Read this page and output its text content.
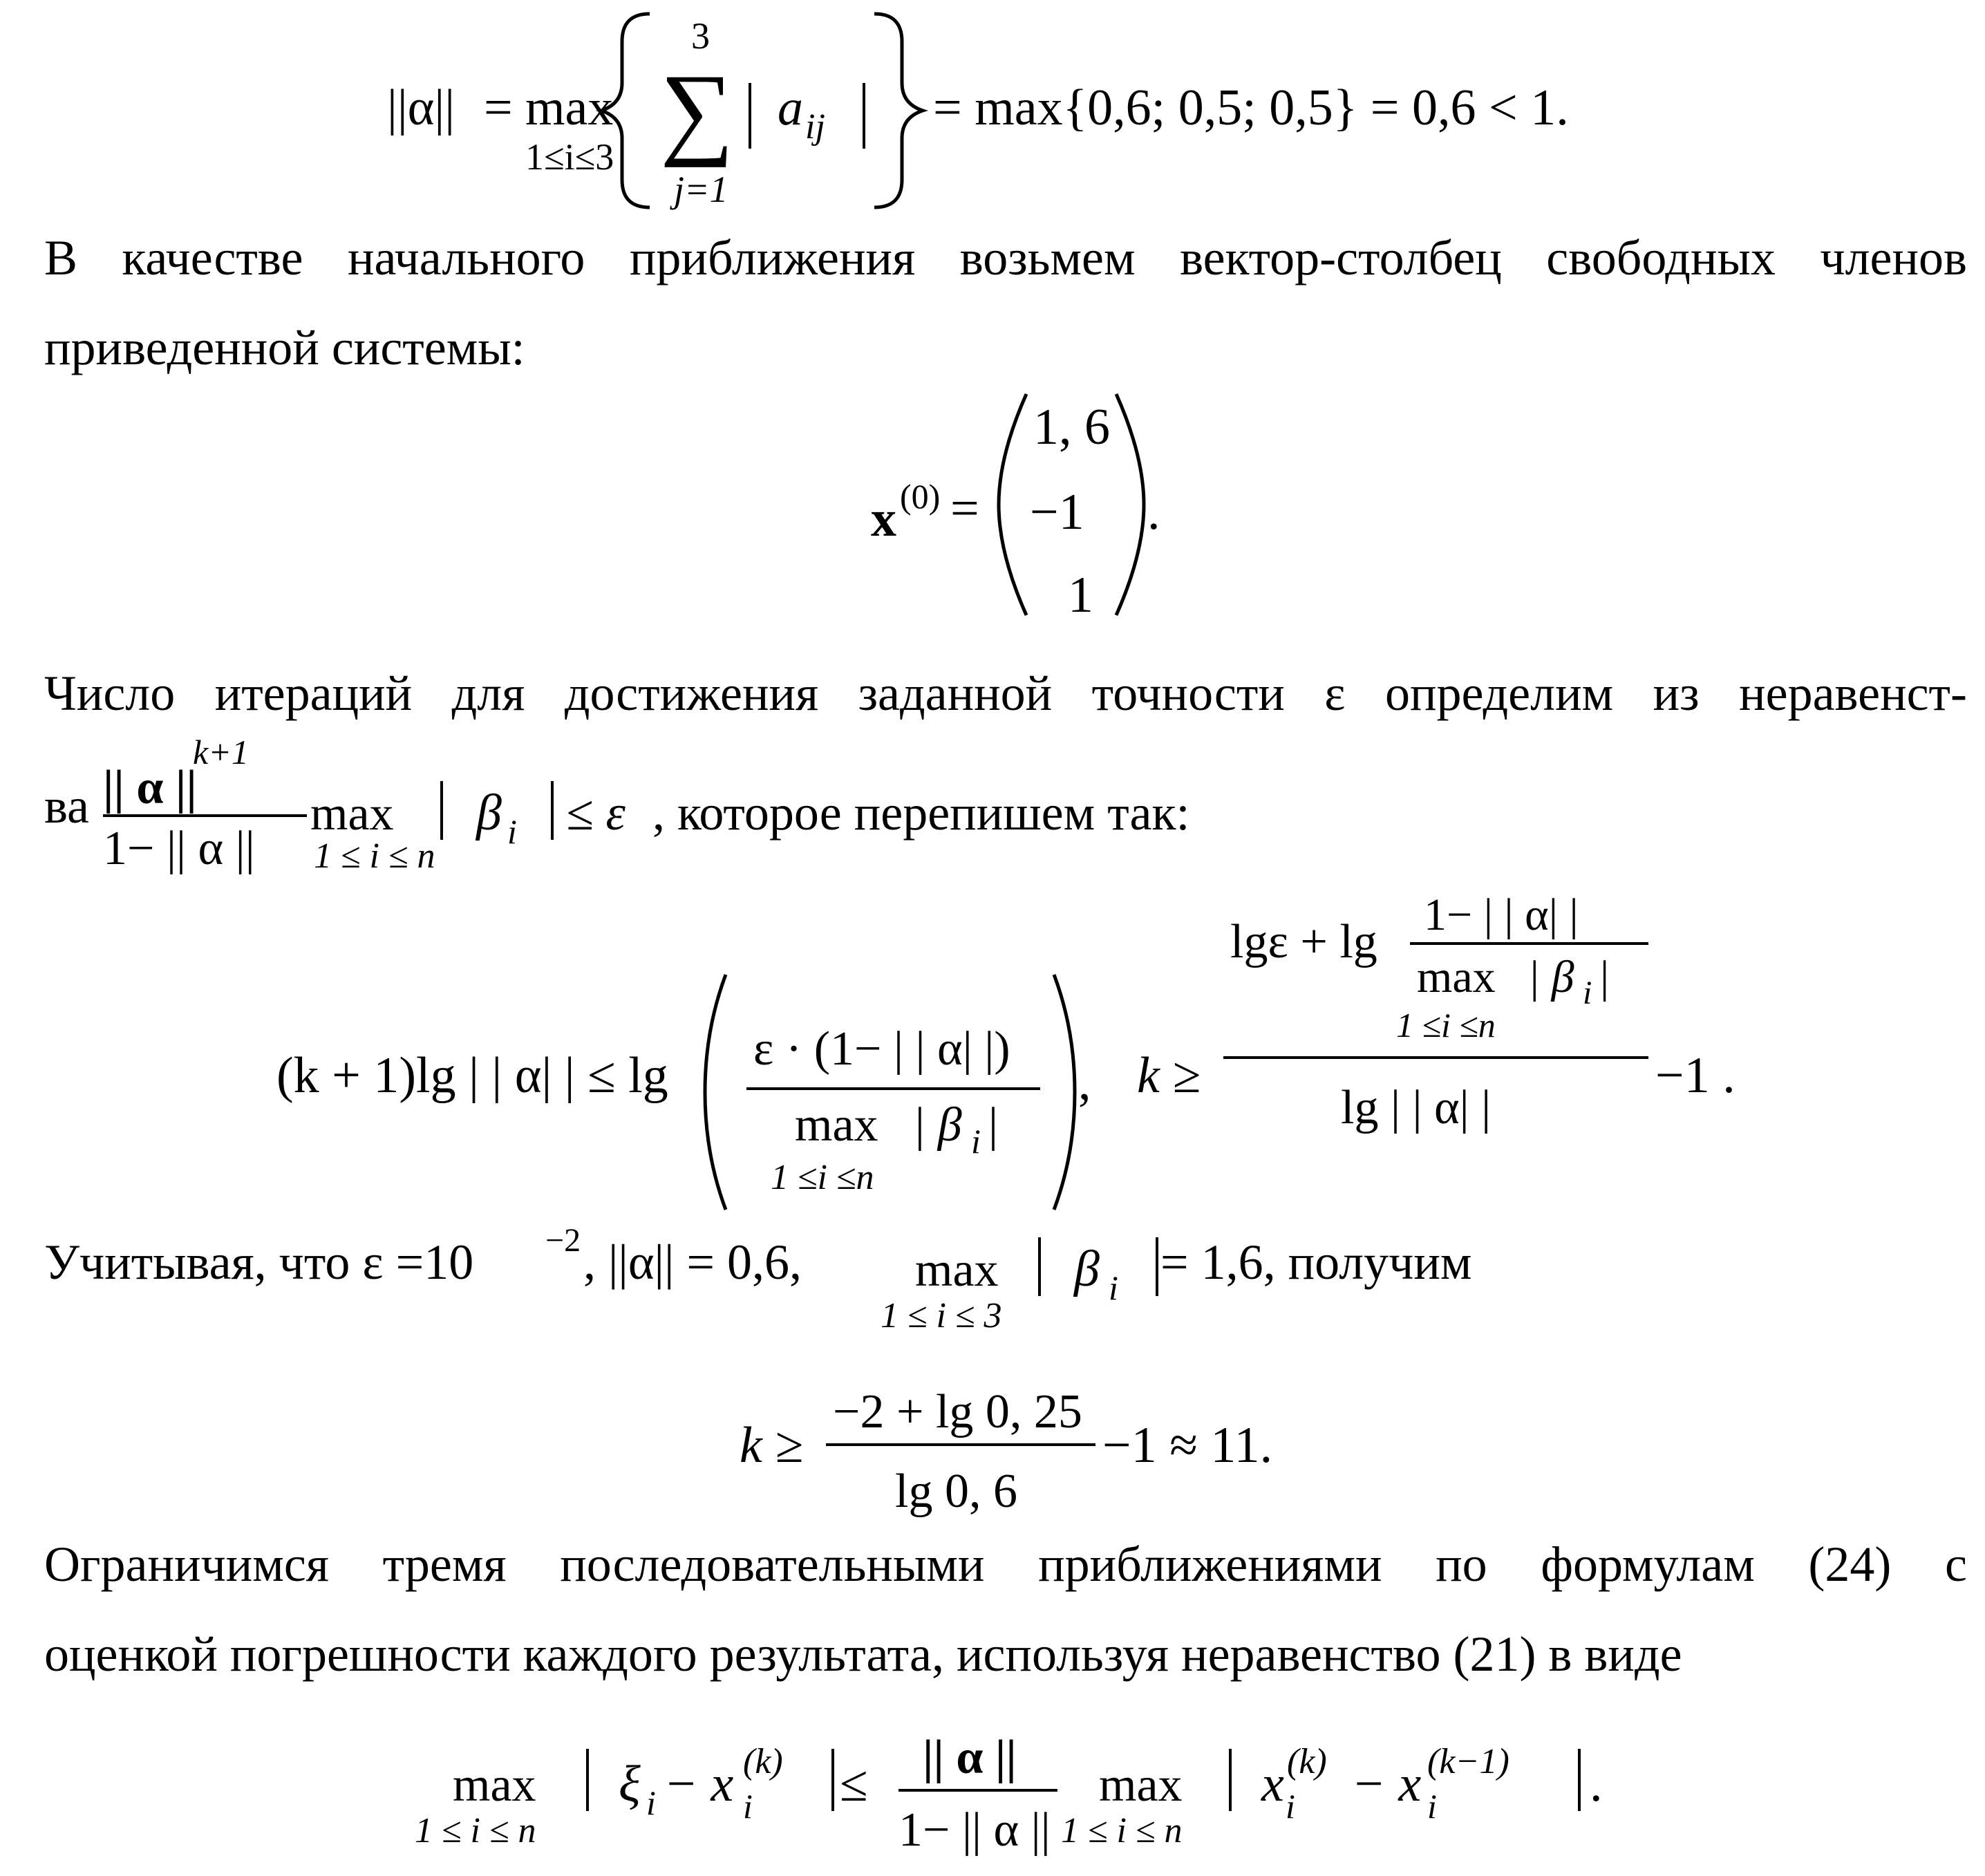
||α|| = max
1≤i≤3
3
∑
j=1
a ij = max{0,6; 0,5; 0,5} = 0,6 < 1.
В качестве начального приближения возьмем вектор-столбец свободных членов
приведенной системы:
x (0) =
1, 6
−1
1
.
Число итераций для достижения заданной точности ε определим из неравенст-
ва || α ||
k+1
1− || α ||
max
1 ≤ i ≤ n
β i ≤ ε , которое перепишем так:
(k + 1)lg | | α| | ≤ lg ε · (1− | | α| |)
max | β i |
1 ≤i ≤n
, k ≥
lgε + lg
1− | | α| |
max | β i |
1 ≤i ≤n
lg | | α| |
−1 .
Учитывая, что ε =10 −2 , ||α|| = 0,6, max
1 ≤ i ≤ 3
β i = 1,6, получим
k ≥
−2 + lg 0, 25
lg 0, 6
−1 ≈ 11.
Ограничимся тремя последовательными приближениями по формулам (24) с
оценкой погрешности каждого результата, используя неравенство (21) в виде
max
1 ≤ i ≤ n
ξ i − x i
(k) ≤ || α ||
1− || α ||
max
1 ≤ i ≤ n
x i
(k) − x i
(k−1) .
